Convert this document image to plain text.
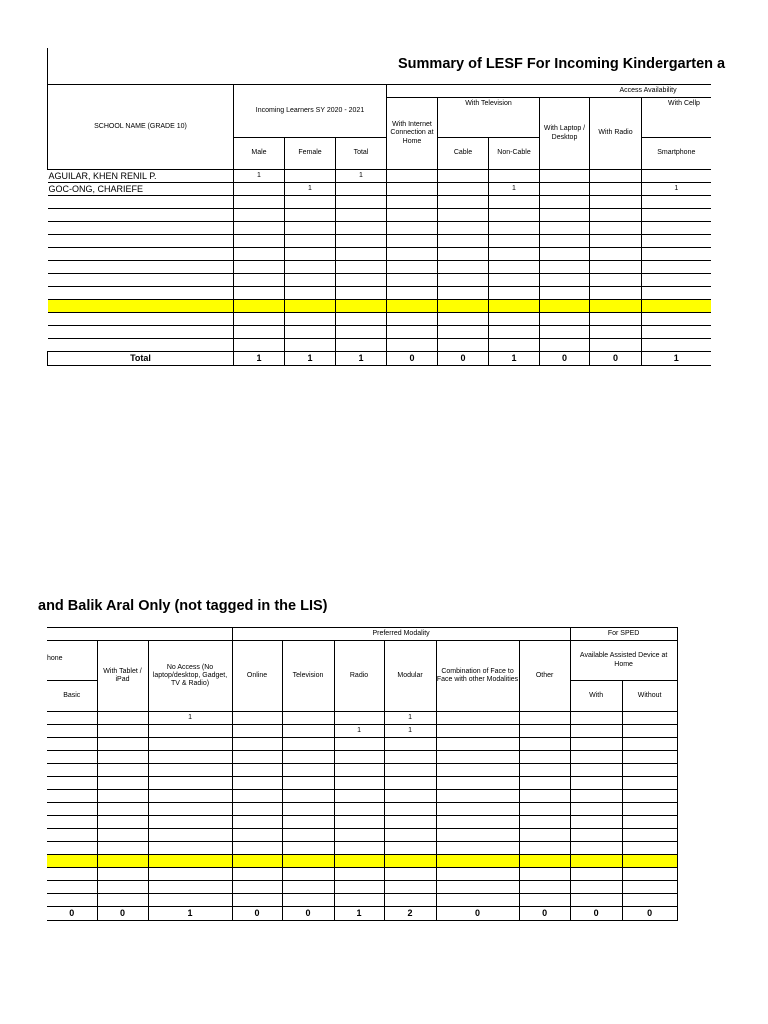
Summary of LESF For Incoming Kindergarten a
SCHOOL NAME (GRADE 10)	Incoming Learners SY 2020 - 2021			Access Availability					
				With Internet Connection at Home	With Television		With Laptop / Desktop	With Radio	With Cellp
	Male	Female	Total		Cable	Non-Cable			Smartphone
AGUILAR, KHEN RENIL P.	1		1						
GOC-ONG, CHARIEFE		1				1			1

Total	1	1	1	0	0	1	0	0	1
and Balik Aral Only (not tagged in the LIS)
			Preferred Modality						For SPED	
hone	With Tablet / iPad	No Access (No laptop/desktop, Gadget, TV & Radio)	Online	Television	Radio	Modular	Combination of Face to Face with other Modalities	Other	Available Assisted Device at Home	
Basic									With	Without
		1				1				
					1	1				

0	0	1	0	0	1	2	0	0	0	0
